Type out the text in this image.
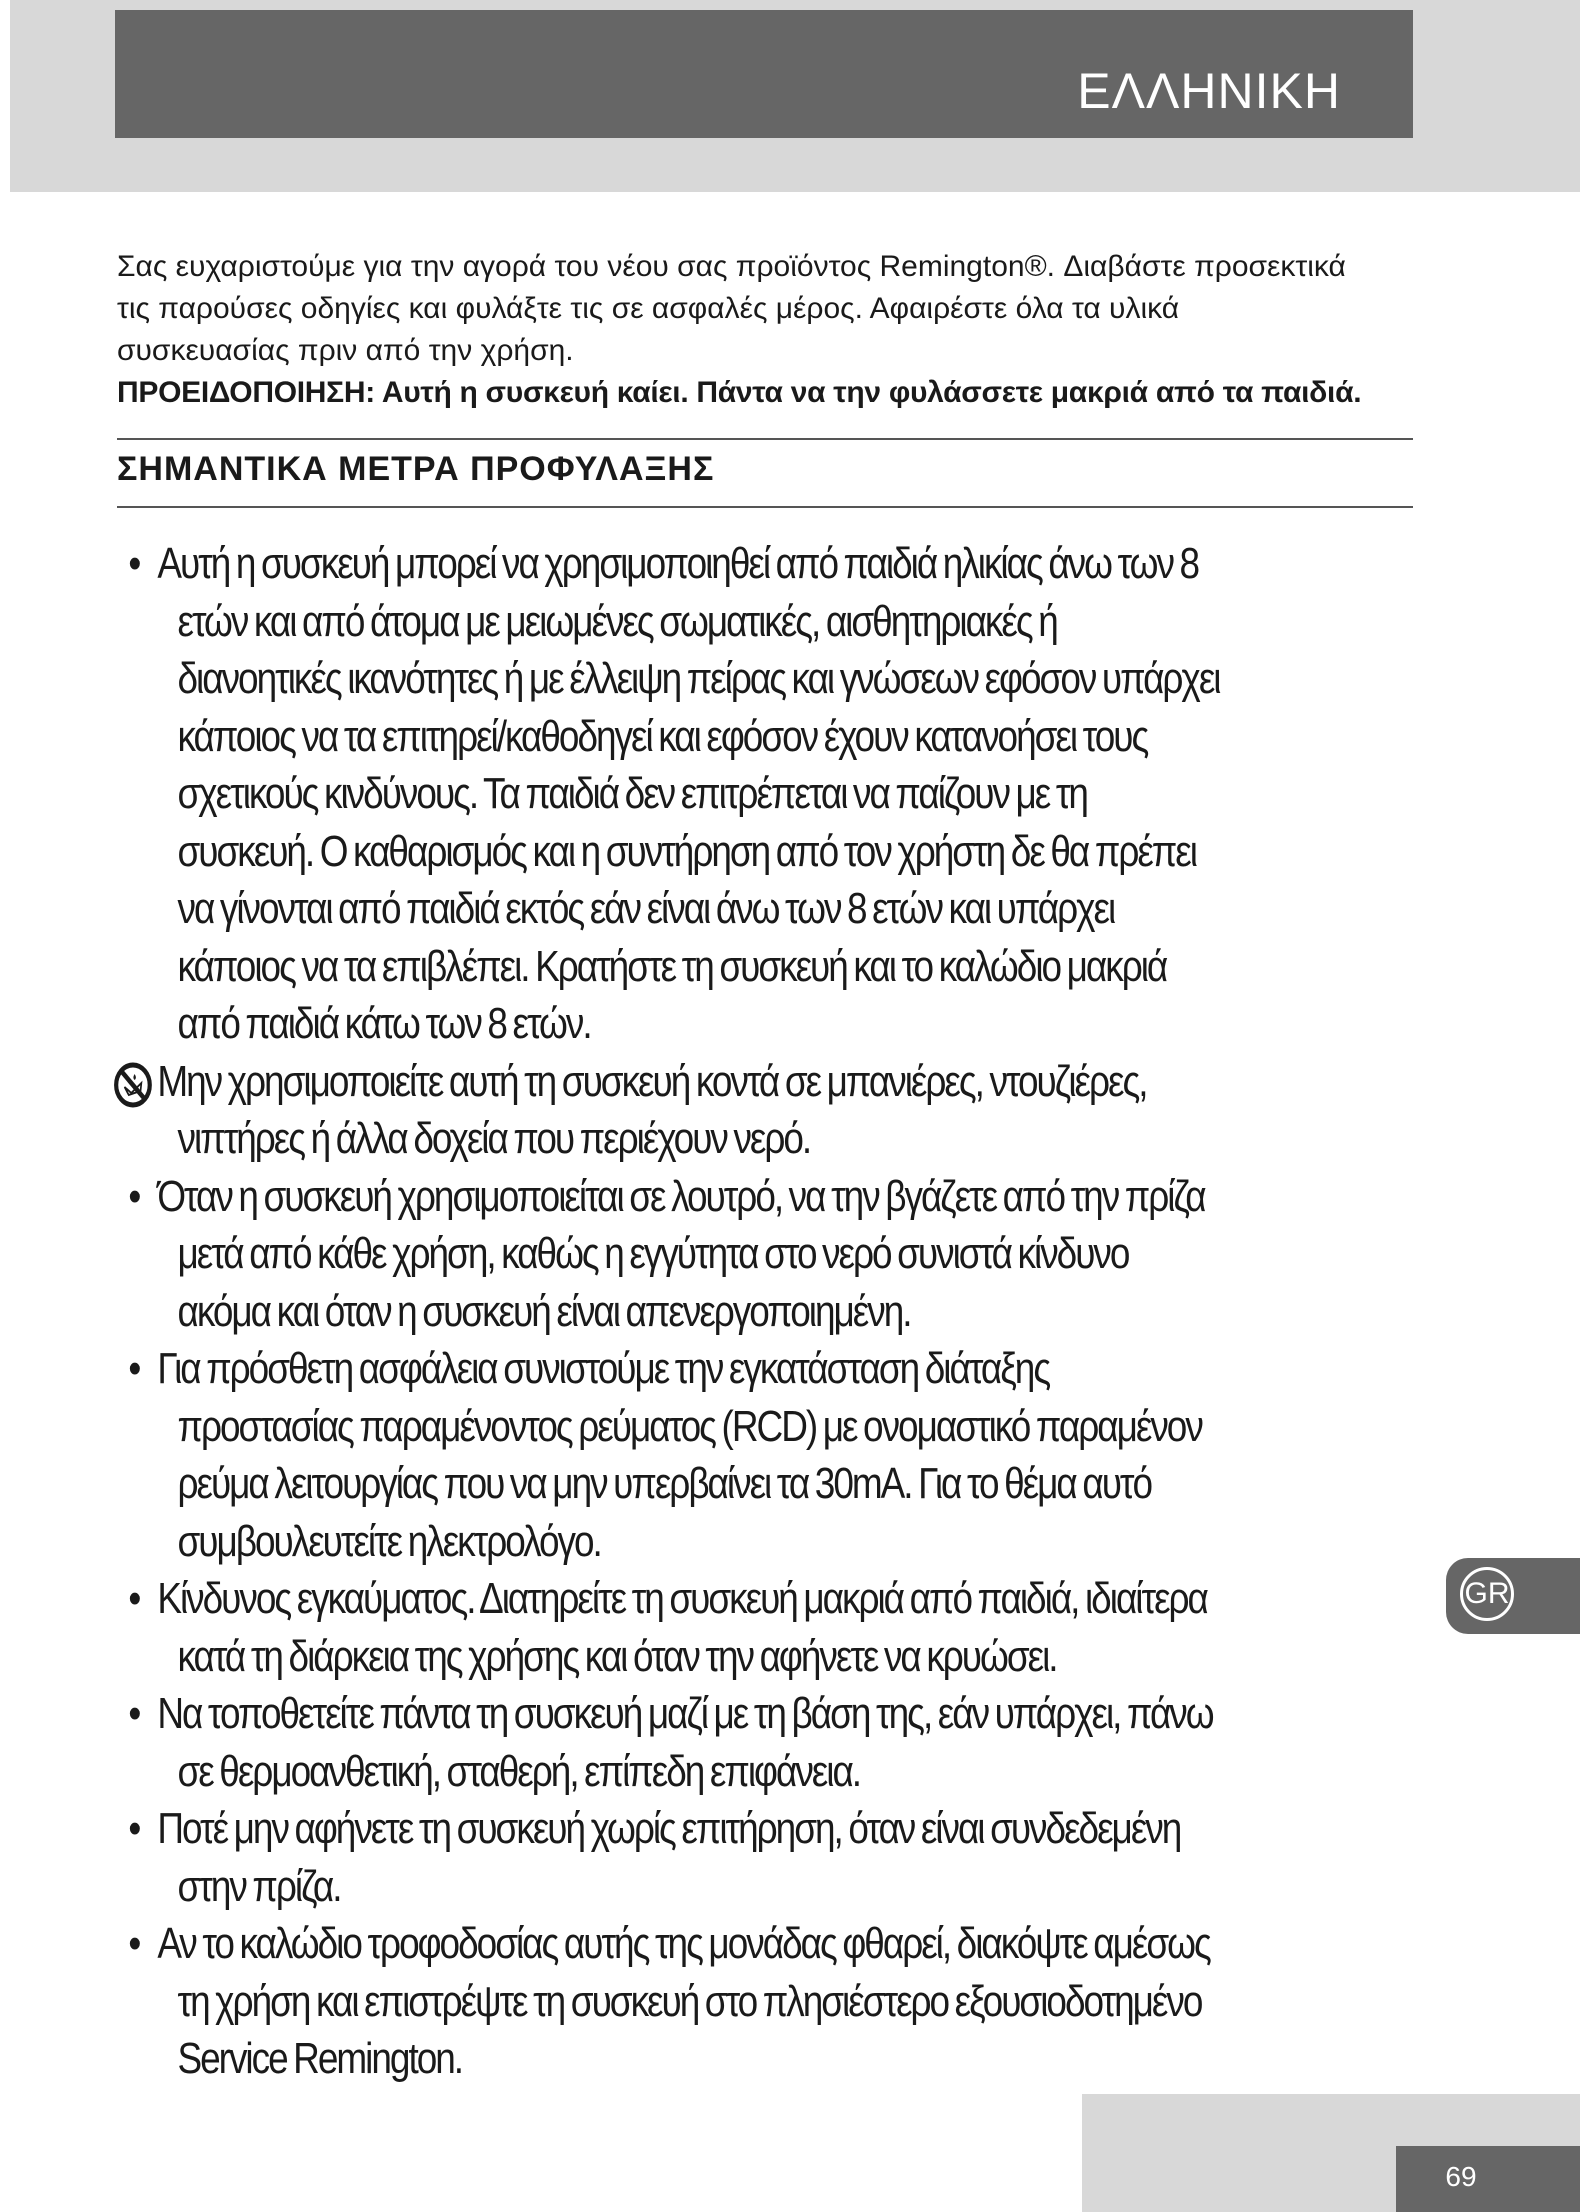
ΕΛΛΗΝΙΚΗ

Σας ευχαριστούμε για την αγορά του νέου σας προϊόντος Remington®. Διαβάστε προσεκτικά

τις παρούσες οδηγίες και φυλάξτε τις σε ασφαλές μέρος. Αφαιρέστε όλα τα υλικά

συσκευασίας πριν από την χρήση.

ΠΡΟΕΙΔΟΠΟΙΗΣΗ: Αυτή η συσκευή καίει. Πάντα να την φυλάσσετε μακριά από τα παιδιά.

ΣΗΜΑΝΤΙΚΑ ΜΕΤΡΑ ΠΡΟΦΥΛΑΞΗΣ
• Αυτή η συσκευή μπορεί να χρησιμοποιηθεί από παιδιά ηλικίας άνω των 8 ετών και από άτομα με μειωμένες σωματικές, αισθητηριακές ή διανοητικές ικανότητες ή με έλλειψη πείρας και γνώσεων εφόσον υπάρχει κάποιος να τα επιτηρεί/καθοδηγεί και εφόσον έχουν κατανοήσει τους σχετικούς κινδύνους. Τα παιδιά δεν επιτρέπεται να παίζουν με τη συσκευή. Ο καθαρισμός και η συντήρηση από τον χρήστη δε θα πρέπει να γίνονται από παιδιά εκτός εάν είναι άνω των 8 ετών και υπάρχει κάποιος να τα επιβλέπει. Κρατήστε τη συσκευή και το καλώδιο μακριά από παιδιά κάτω των 8 ετών.
Μην χρησιμοποιείτε αυτή τη συσκευή κοντά σε μπανιέρες, ντουζιέρες, νιπτήρες ή άλλα δοχεία που περιέχουν νερό.
• Όταν η συσκευή χρησιμοποιείται σε λουτρό, να την βγάζετε από την πρίζα μετά από κάθε χρήση, καθώς η εγγύτητα στο νερό συνιστά κίνδυνο ακόμα και όταν η συσκευή είναι απενεργοποιημένη.
• Για πρόσθετη ασφάλεια συνιστούμε την εγκατάσταση διάταξης προστασίας παραμένοντος ρεύματος (RCD) με ονομαστικό παραμένον ρεύμα λειτουργίας που να μην υπερβαίνει τα 30mA. Για το θέμα αυτό συμβουλευτείτε ηλεκτρολόγο.
• Κίνδυνος εγκαύματος. Διατηρείτε τη συσκευή μακριά από παιδιά, ιδιαίτερα κατά τη διάρκεια της χρήσης και όταν την αφήνετε να κρυώσει.
• Να τοποθετείτε πάντα τη συσκευή μαζί με τη βάση της, εάν υπάρχει, πάνω σε θερμοανθετική, σταθερή, επίπεδη επιφάνεια.
• Ποτέ μην αφήνετε τη συσκευή χωρίς επιτήρηση, όταν είναι συνδεδεμένη στην πρίζα.
• Αν το καλώδιο τροφοδοσίας αυτής της μονάδας φθαρεί, διακόψτε αμέσως τη χρήση και επιστρέψτε τη συσκευή στο πλησιέστερο εξουσιοδοτημένο Service Remington.
GR
69
